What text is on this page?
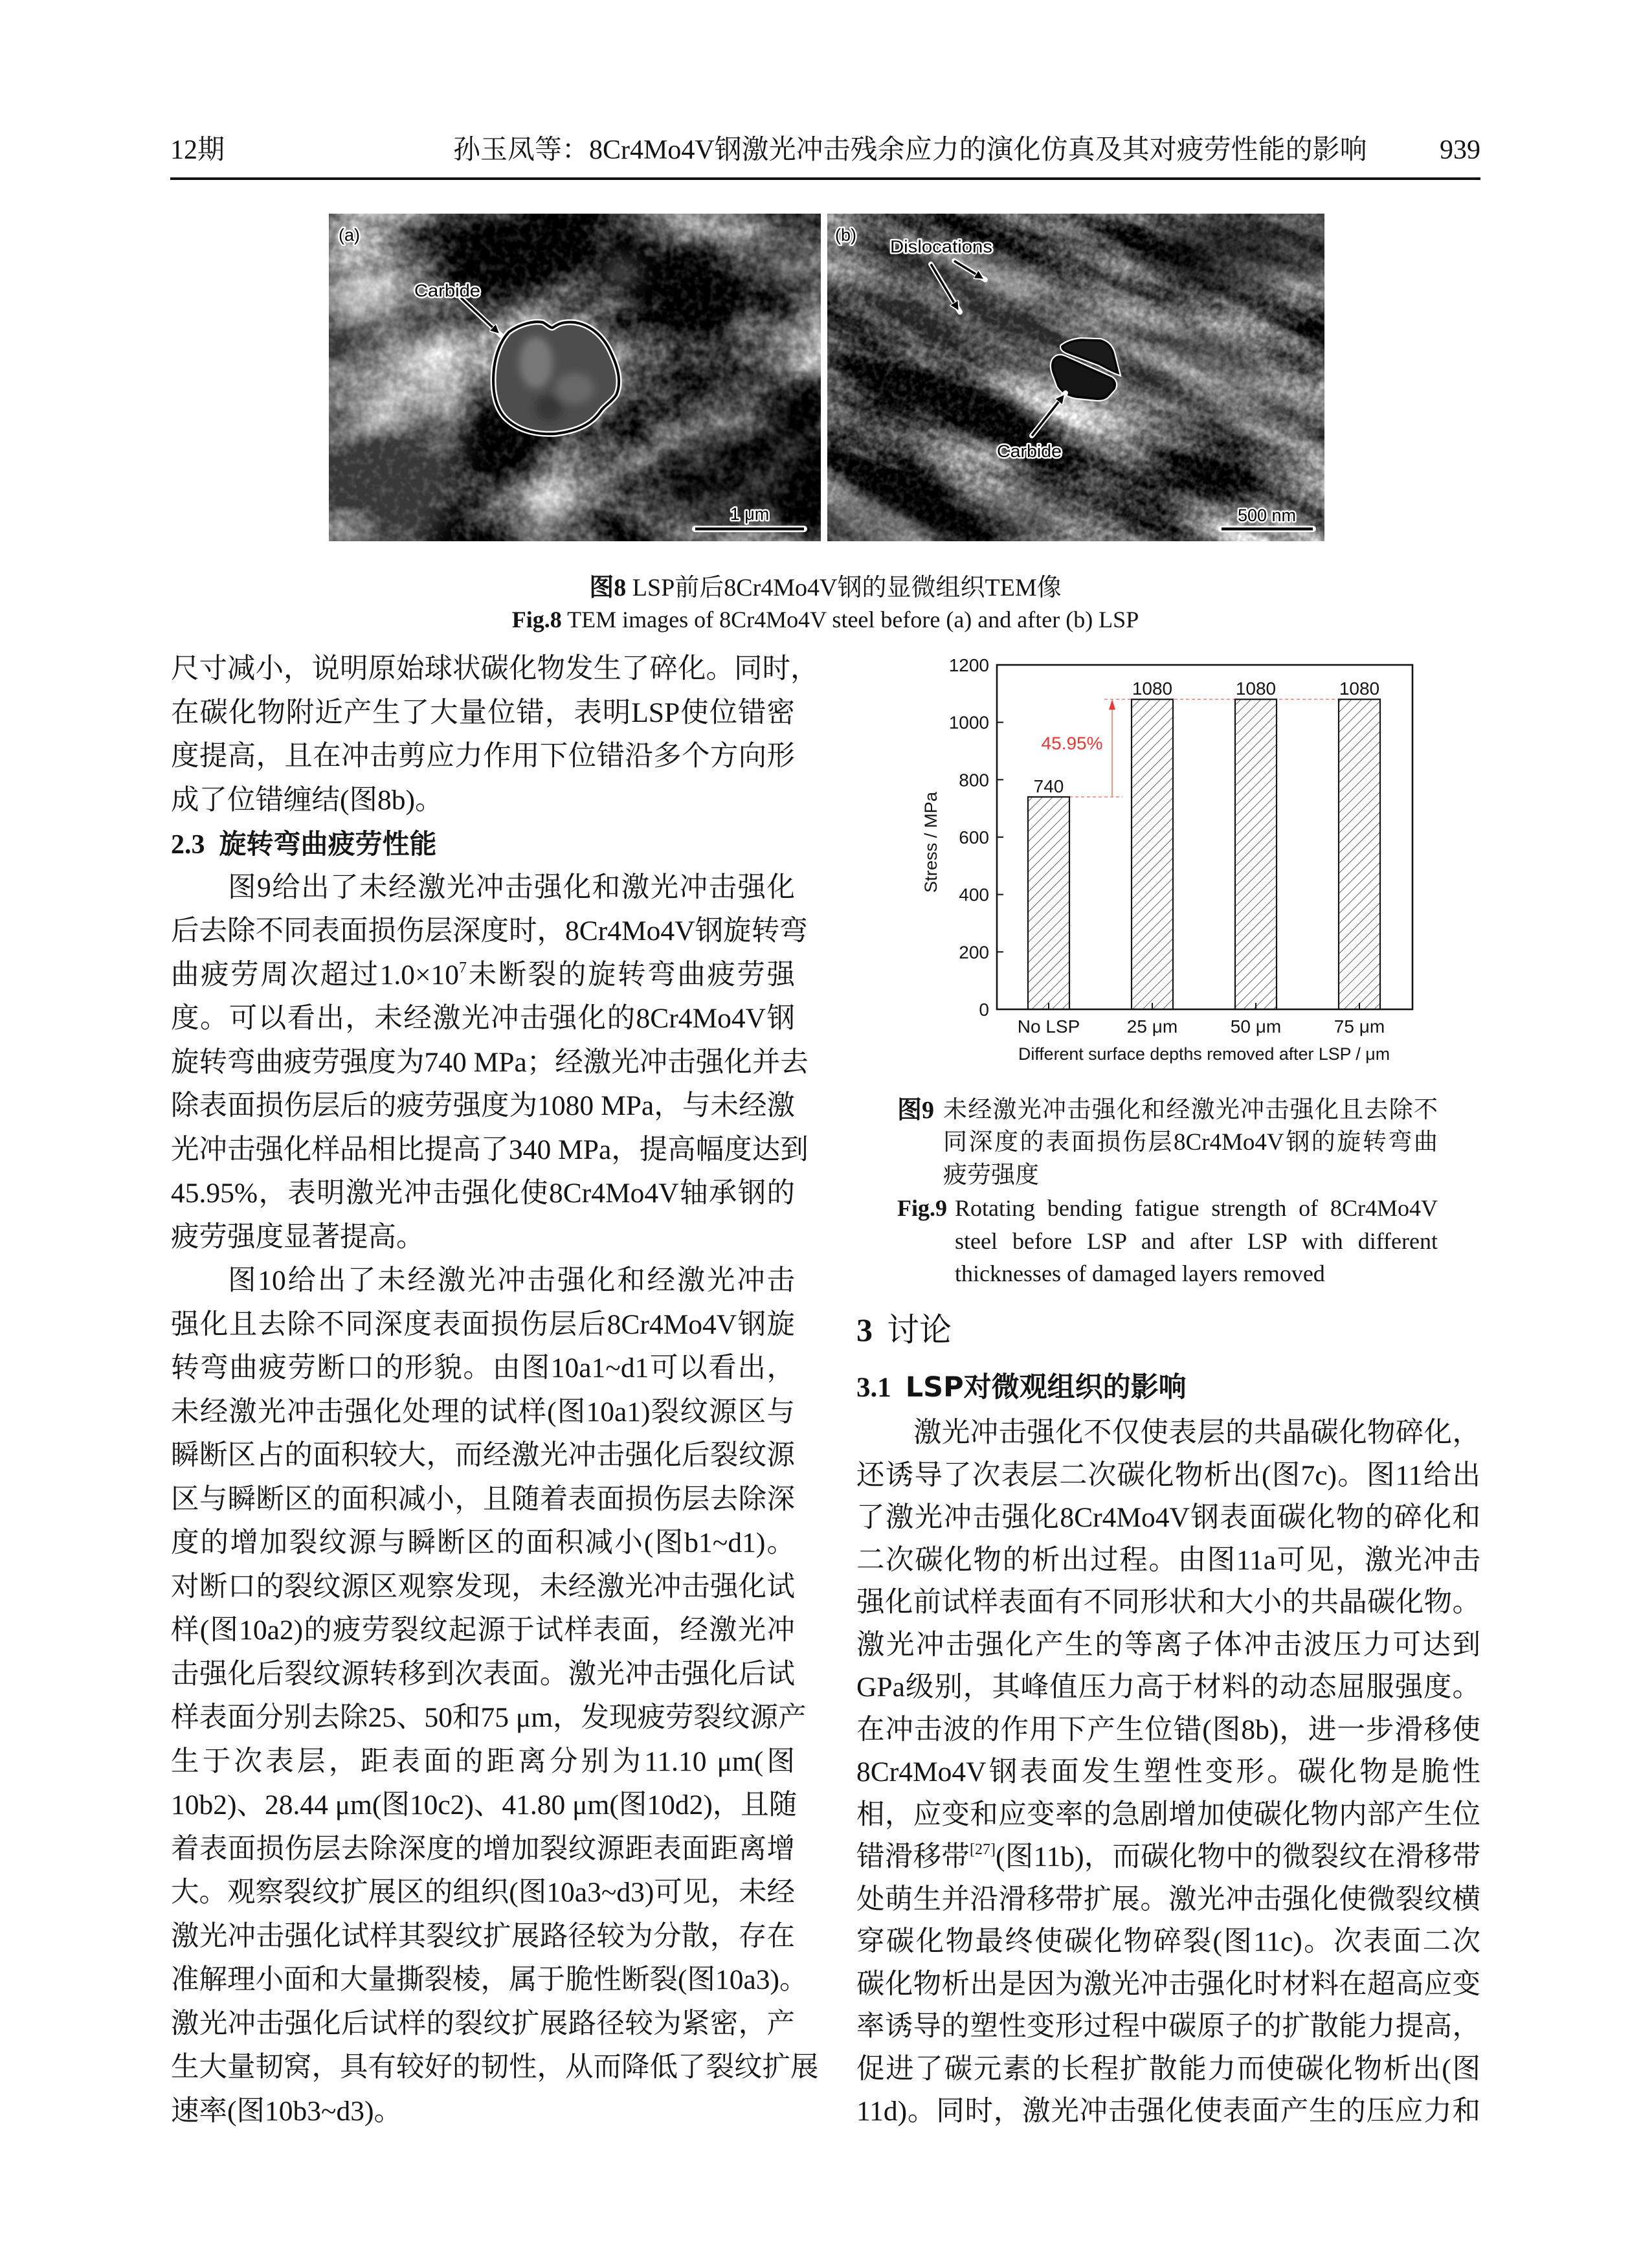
12期	孙玉凤等：8Cr4Mo4V钢激光冲击残余应力的演化仿真及其对疲劳性能的影响	939
(a)
Carbide
1 μm
(b)
Dislocations
Carbide
500 nm
图8 LSP前后8Cr4Mo4V钢的显微组织TEM像
Fig.8 TEM images of 8Cr4Mo4V steel before (a) and after (b) LSP
740
No LSP
1080
25 μm
1080
50 μm
1080
75 μm
0
200
400
600
800
1000
1200
45.95%
Different surface depths removed after LSP / μm
Stress / MPa
图9 未经激光冲击强化和经激光冲击强化且去除不
同深度的表面损伤层8Cr4Mo4V钢的旋转弯曲
疲劳强度
Fig.9 Rotating bending fatigue strength of 8Cr4Mo4V
steel before LSP and after LSP with different
thicknesses of damaged layers removed
尺寸减小，说明原始球状碳化物发生了碎化。同时，
在碳化物附近产生了大量位错，表明LSP使位错密
度提高，且在冲击剪应力作用下位错沿多个方向形
成了位错缠结(图8b)。
2.3 旋转弯曲疲劳性能
图9给出了未经激光冲击强化和激光冲击强化
后去除不同表面损伤层深度时，8Cr4Mo4V钢旋转弯
曲疲劳周次超过$1.0\times 10^7$未断裂的旋转弯曲疲劳强
度。可以看出，未经激光冲击强化的8Cr4Mo4V钢
旋转弯曲疲劳强度为740 MPa；经激光冲击强化并去
除表面损伤层后的疲劳强度为1080 MPa，与未经激
光冲击强化样品相比提高了340 MPa，提高幅度达到
45.95%，表明激光冲击强化使8Cr4Mo4V轴承钢的
疲劳强度显著提高。
图10给出了未经激光冲击强化和经激光冲击
强化且去除不同深度表面损伤层后8Cr4Mo4V钢旋
转弯曲疲劳断口的形貌。由图10a1~d1可以看出，
未经激光冲击强化处理的试样(图10a1)裂纹源区与
瞬断区占的面积较大，而经激光冲击强化后裂纹源
区与瞬断区的面积减小，且随着表面损伤层去除深
度的增加裂纹源与瞬断区的面积减小(图b1~d1)。
对断口的裂纹源区观察发现，未经激光冲击强化试
样(图10a2)的疲劳裂纹起源于试样表面，经激光冲
击强化后裂纹源转移到次表面。激光冲击强化后试
样表面分别去除25、50和75 μm，发现疲劳裂纹源产
生于次表层，距表面的距离分别为11.10 μm(图
10b2)、28.44 μm(图10c2)、41.80 μm(图10d2)，且随
着表面损伤层去除深度的增加裂纹源距表面距离增
大。观察裂纹扩展区的组织(图10a3~d3)可见，未经
激光冲击强化试样其裂纹扩展路径较为分散，存在
准解理小面和大量撕裂棱，属于脆性断裂(图10a3)。
激光冲击强化后试样的裂纹扩展路径较为紧密，产
生大量韧窝，具有较好的韧性，从而降低了裂纹扩展
速率(图10b3~d3)。
3 讨论
3.1 LSP对微观组织的影响
激光冲击强化不仅使表层的共晶碳化物碎化，
还诱导了次表层二次碳化物析出(图7c)。图11给出
了激光冲击强化8Cr4Mo4V钢表面碳化物的碎化和
二次碳化物的析出过程。由图11a可见，激光冲击
强化前试样表面有不同形状和大小的共晶碳化物。
激光冲击强化产生的等离子体冲击波压力可达到
GPa级别，其峰值压力高于材料的动态屈服强度。
在冲击波的作用下产生位错(图8b)，进一步滑移使
8Cr4Mo4V钢表面发生塑性变形。碳化物是脆性
相，应变和应变率的急剧增加使碳化物内部产生位
错滑移带[27](图11b)，而碳化物中的微裂纹在滑移带
处萌生并沿滑移带扩展。激光冲击强化使微裂纹横
穿碳化物最终使碳化物碎裂(图11c)。次表面二次
碳化物析出是因为激光冲击强化时材料在超高应变
率诱导的塑性变形过程中碳原子的扩散能力提高，
促进了碳元素的长程扩散能力而使碳化物析出(图
11d)。同时，激光冲击强化使表面产生的压应力和
